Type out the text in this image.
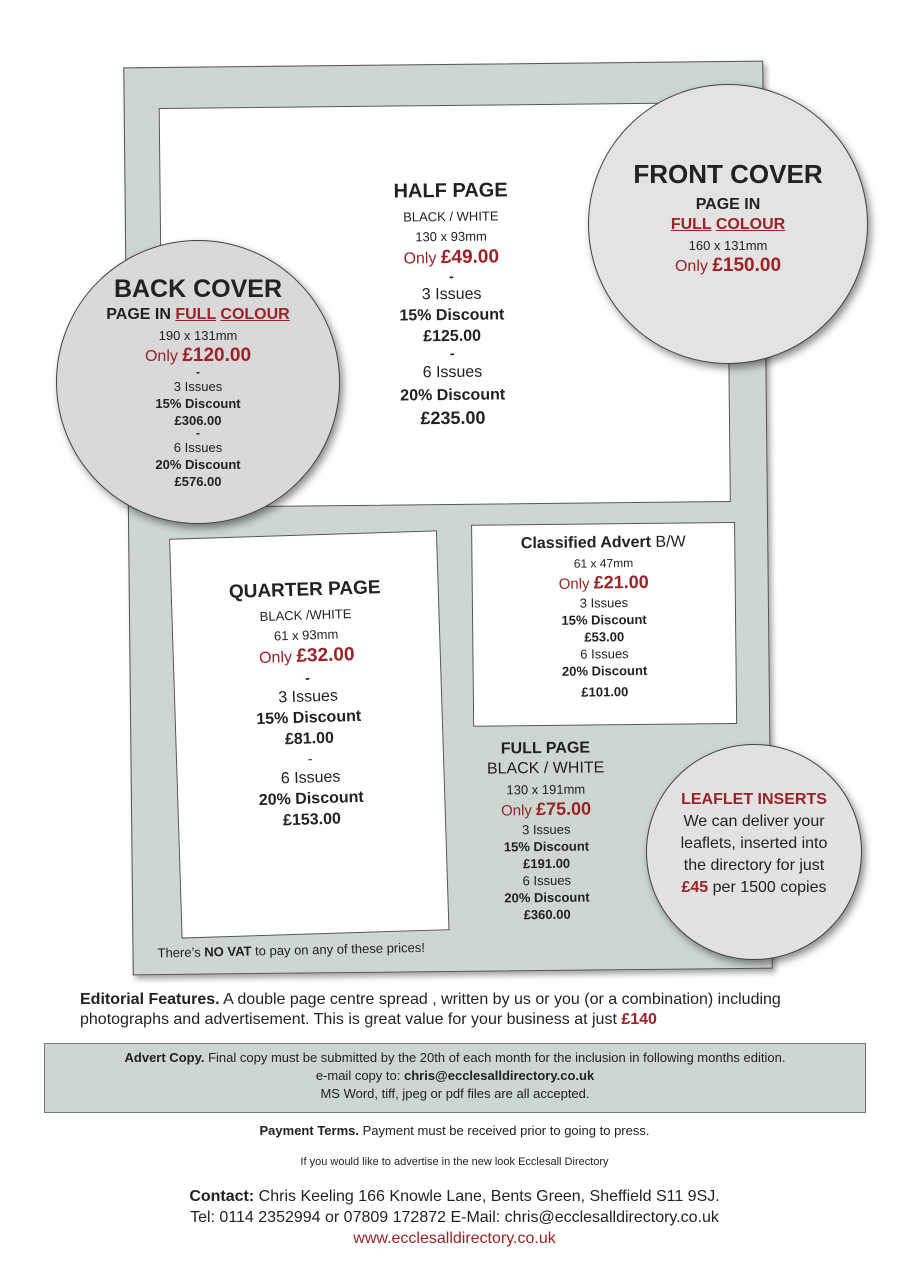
HALF PAGE
BLACK / WHITE
130 x 93mm
Only £49.00
-
3 Issues
15% Discount
£125.00
-
6 Issues
20% Discount
£235.00
QUARTER PAGE
BLACK /WHITE
61 x 93mm
Only £32.00
-
3 Issues
15% Discount
£81.00
-
6 Issues
20% Discount
£153.00
Classified Advert B/W
61 x 47mm
Only £21.00
3 Issues
15% Discount
£53.00
6 Issues
20% Discount
£101.00
FULL PAGE
BLACK / WHITE
130 x 191mm
Only £75.00
3 Issues
15% Discount
£191.00
6 Issues
20% Discount
£360.00
There’s NO VAT to pay on any of these prices!
BACK COVER
PAGE IN FULL COLOUR
190 x 131mm
Only £120.00
-
3 Issues
15% Discount
£306.00
-
6 Issues
20% Discount
£576.00
FRONT COVER
PAGE IN
FULL COLOUR
160 x 131mm
Only £150.00
LEAFLET INSERTS
We can deliver your
leaflets, inserted into
the directory for just
£45 per 1500 copies
Editorial Features. A double page centre spread , written by us or you (or a combination) including photographs and advertisement. This is great value for your business at just £140
Advert Copy. Final copy must be submitted by the 20th of each month for the inclusion in following months edition.
e-mail copy to: chris@ecclesalldirectory.co.uk
MS Word, tiff, jpeg or pdf files are all accepted.
Payment Terms. Payment must be received prior to going to press.
If you would like to advertise in the new look Ecclesall Directory
Contact: Chris Keeling 166 Knowle Lane, Bents Green, Sheffield S11 9SJ.
Tel: 0114 2352994 or 07809 172872 E-Mail: chris@ecclesalldirectory.co.uk
www.ecclesalldirectory.co.uk
